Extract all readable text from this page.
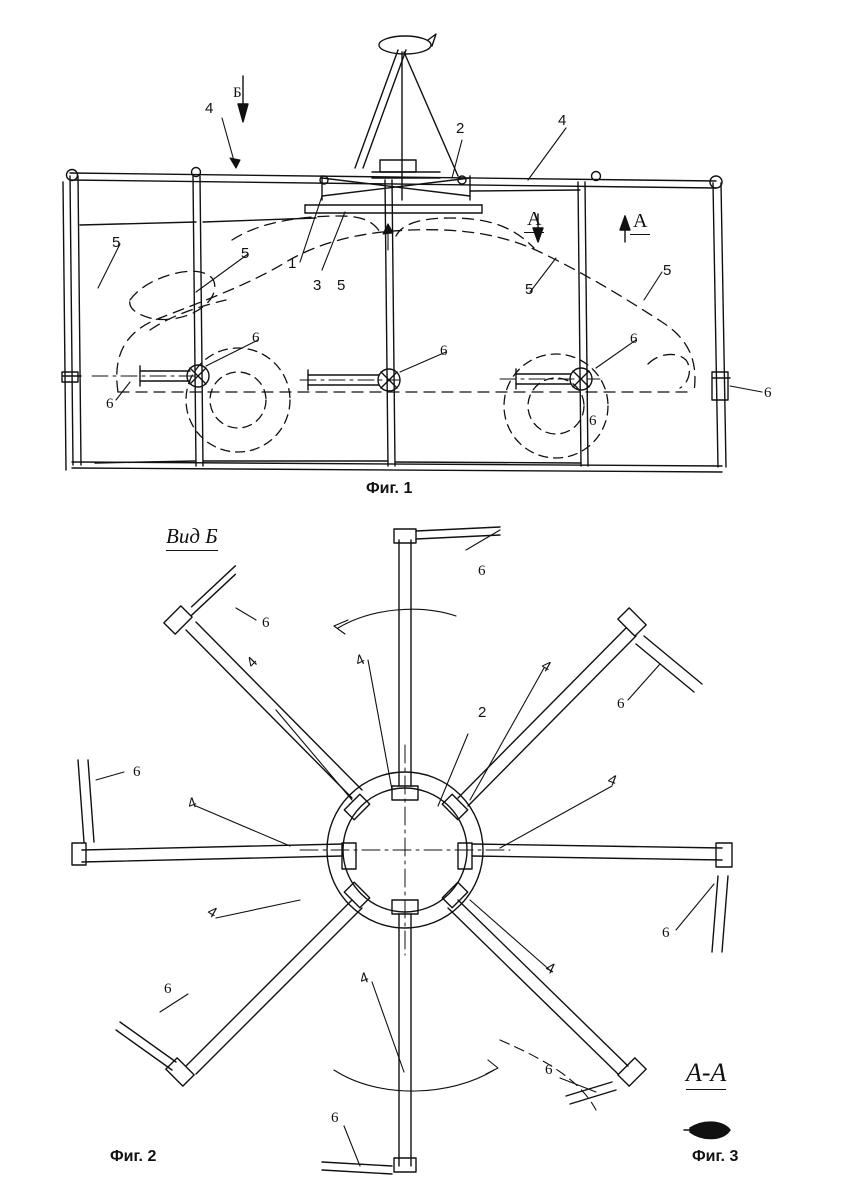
4
Б
2	4
1
3 5
5
5
5
5
А	А
6
6
6
6
6
6
Фиг. 1
Вид Б
6
6
6
6
6
6
6
6
2
4	4	4
4
4
4
4
4
Фиг. 2
А-А
Фиг. 3
